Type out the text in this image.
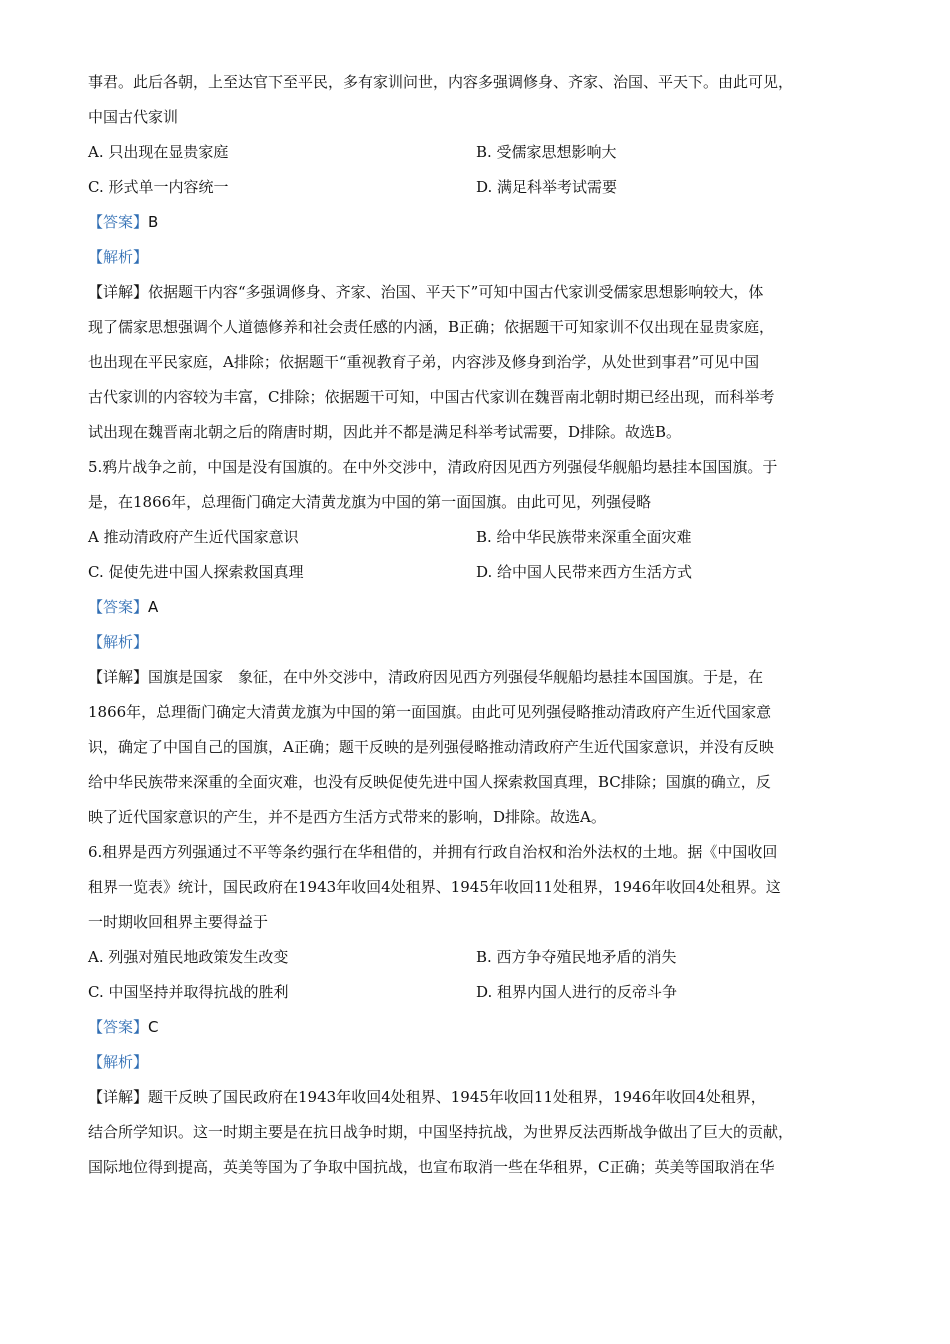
事君。此后各朝，上至达官下至平民，多有家训问世，内容多强调修身、齐家、治国、平天下。由此可见，
中国古代家训
A. 只出现在显贵家庭	B. 受儒家思想影响大
C. 形式单一内容统一	D. 满足科举考试需要
【答案】B
【解析】
【详解】依据题干内容“多强调修身、齐家、治国、平天下”可知中国古代家训受儒家思想影响较大，体
现了儒家思想强调个人道德修养和社会责任感的内涵，B正确；依据题干可知家训不仅出现在显贵家庭，
也出现在平民家庭，A排除；依据题干“重视教育子弟，内容涉及修身到治学，从处世到事君”可见中国
古代家训的内容较为丰富，C排除；依据题干可知，中国古代家训在魏晋南北朝时期已经出现，而科举考
试出现在魏晋南北朝之后的隋唐时期，因此并不都是满足科举考试需要，D排除。故选B。
5.鸦片战争之前，中国是没有国旗的。在中外交涉中，清政府因见西方列强侵华舰船均悬挂本国国旗。于
是，在1866年，总理衙门确定大清黄龙旗为中国的第一面国旗。由此可见，列强侵略
A 推动清政府产生近代国家意识	B. 给中华民族带来深重全面灾难
C. 促使先进中国人探索救国真理	D. 给中国人民带来西方生活方式
【答案】A
【解析】
【详解】国旗是国家　象征，在中外交涉中，清政府因见西方列强侵华舰船均悬挂本国国旗。于是，在
1866年，总理衙门确定大清黄龙旗为中国的第一面国旗。由此可见列强侵略推动清政府产生近代国家意
识，确定了中国自己的国旗，A正确；题干反映的是列强侵略推动清政府产生近代国家意识，并没有反映
给中华民族带来深重的全面灾难，也没有反映促使先进中国人探索救国真理，BC排除；国旗的确立，反
映了近代国家意识的产生，并不是西方生活方式带来的影响，D排除。故选A。
6.租界是西方列强通过不平等条约强行在华租借的，并拥有行政自治权和治外法权的土地。据《中国收回
租界一览表》统计，国民政府在1943年收回4处租界、1945年收回11处租界，1946年收回4处租界。这
一时期收回租界主要得益于
A. 列强对殖民地政策发生改变	B. 西方争夺殖民地矛盾的消失
C. 中国坚持并取得抗战的胜利	D. 租界内国人进行的反帝斗争
【答案】C
【解析】
【详解】题干反映了国民政府在1943年收回4处租界、1945年收回11处租界，1946年收回4处租界，
结合所学知识。这一时期主要是在抗日战争时期，中国坚持抗战，为世界反法西斯战争做出了巨大的贡献，
国际地位得到提高，英美等国为了争取中国抗战，也宣布取消一些在华租界，C正确；英美等国取消在华
